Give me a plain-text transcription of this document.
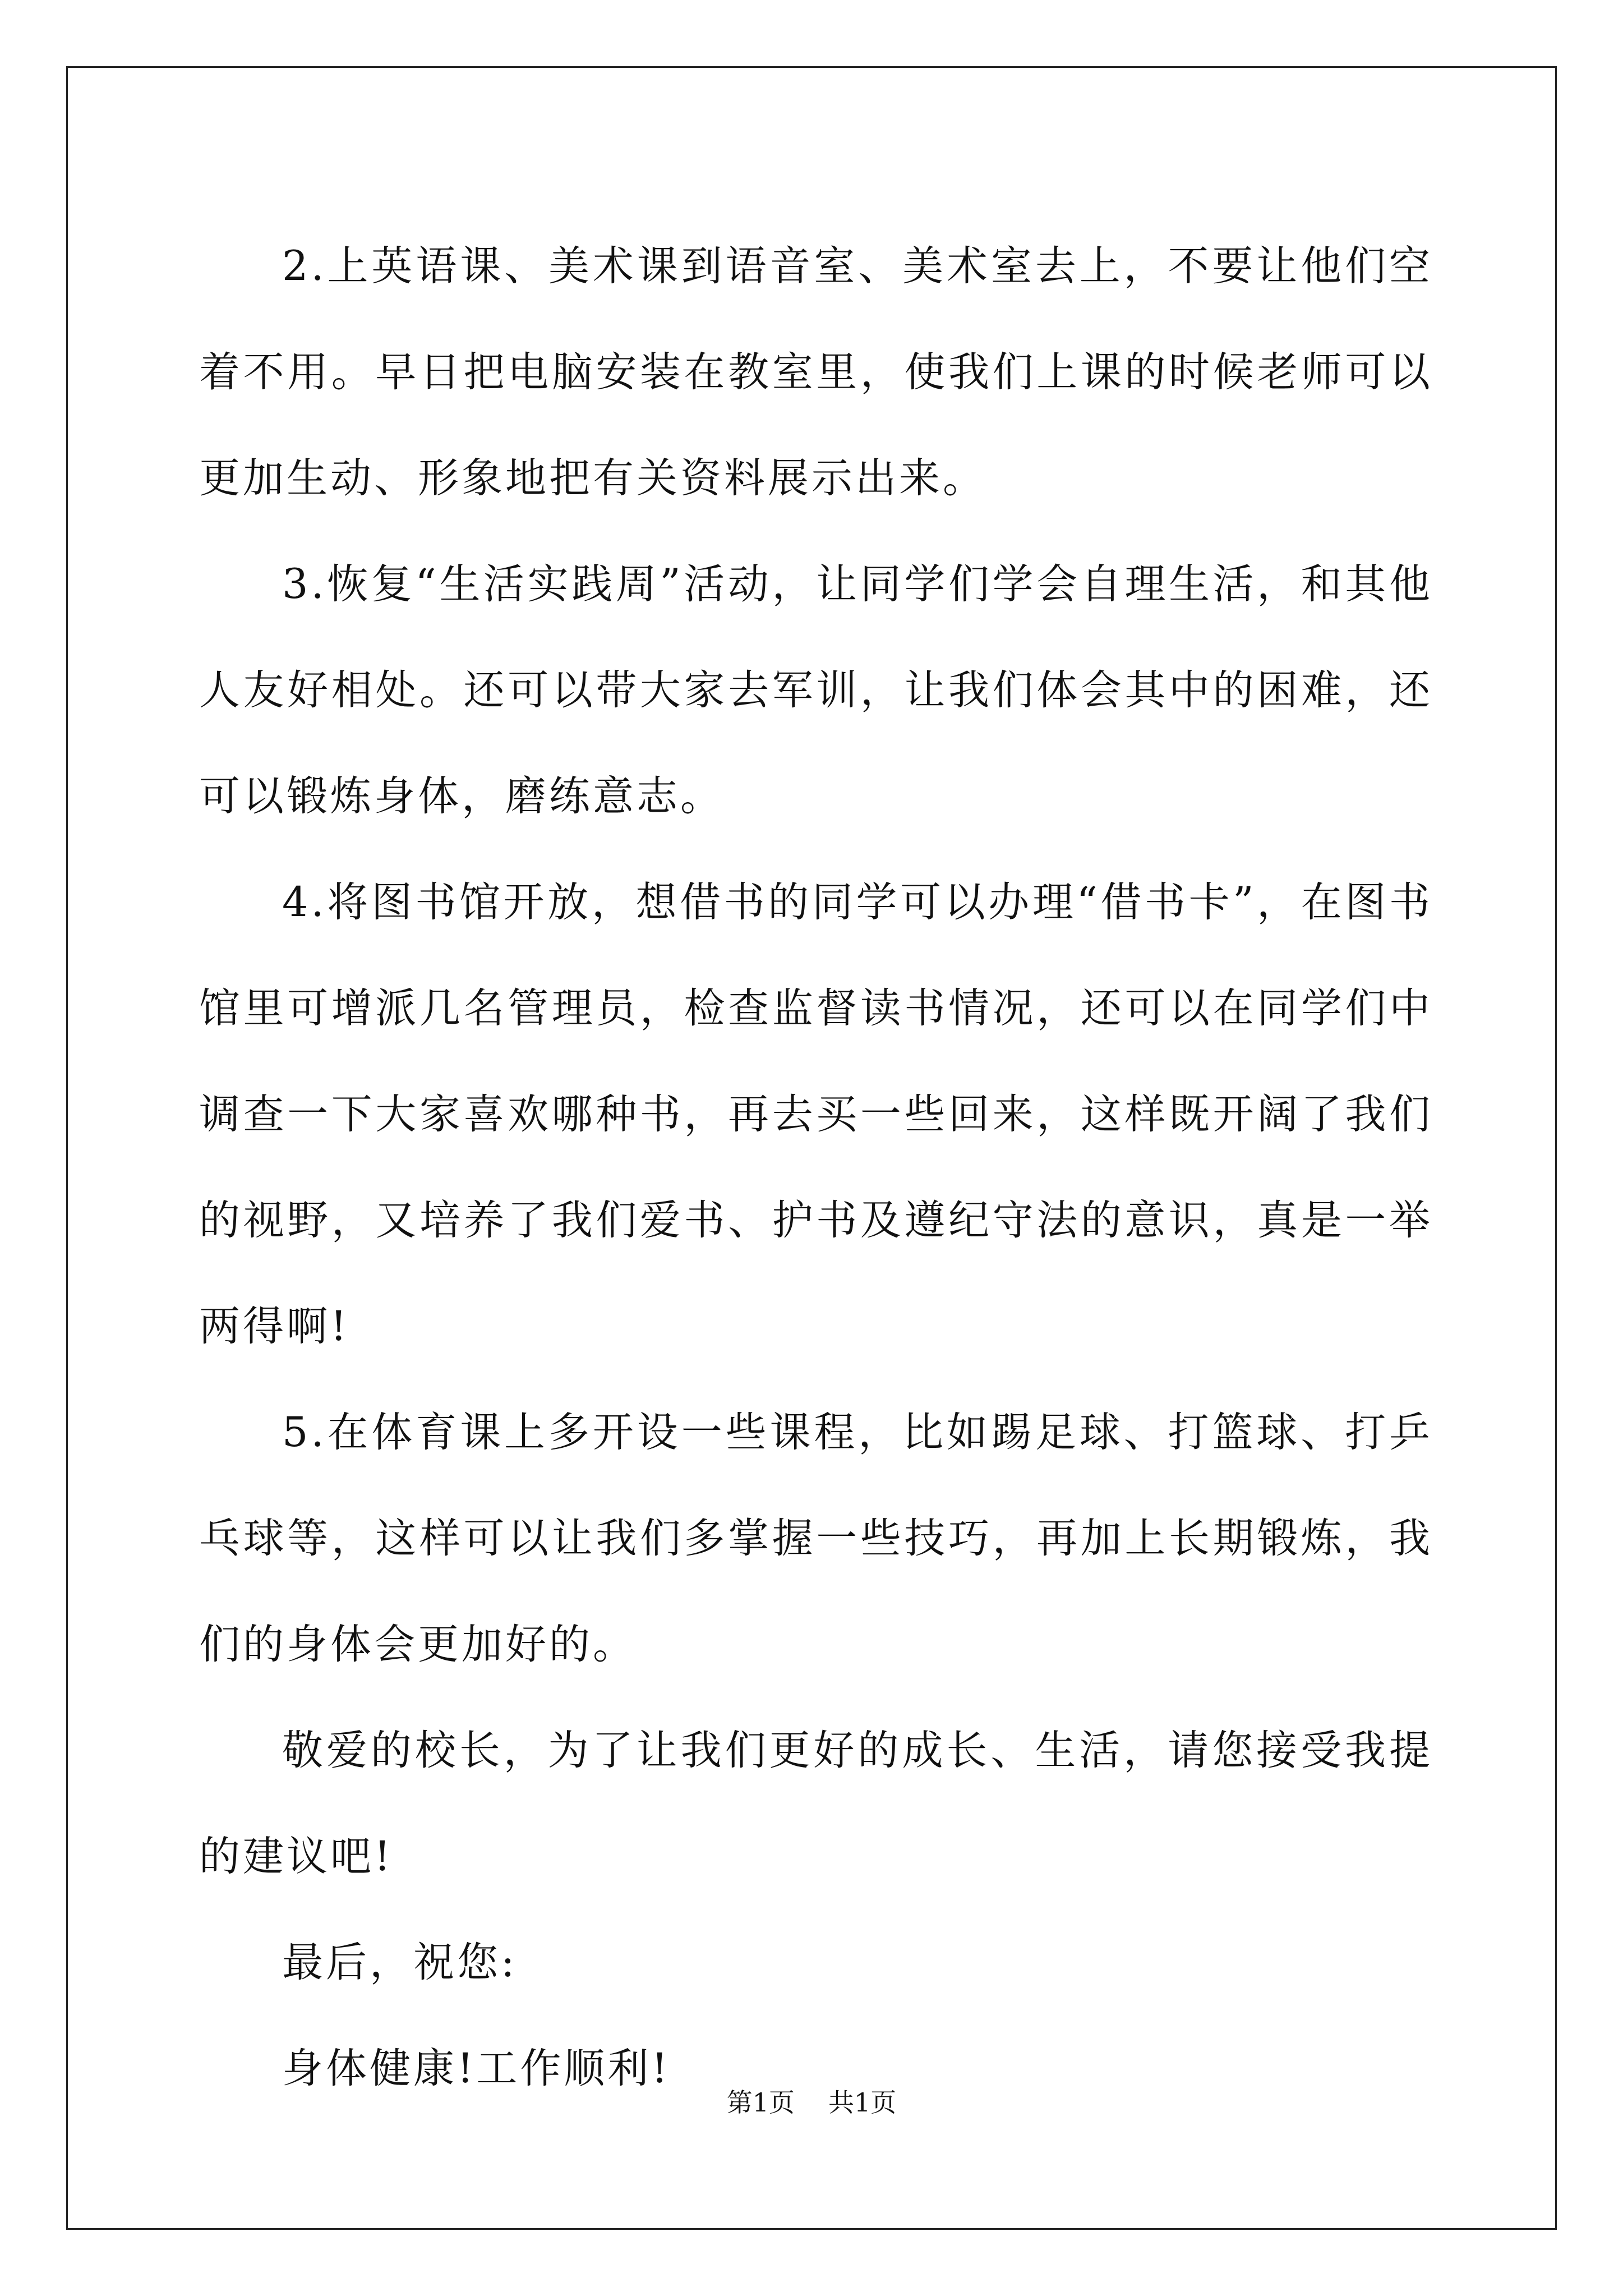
2.上英语课、美术课到语音室、美术室去上，不要让他们空着不用。早日把电脑安装在教室里，使我们上课的时候老师可以更加生动、形象地把有关资料展示出来。

3.恢复“生活实践周”活动，让同学们学会自理生活，和其他人友好相处。还可以带大家去军训，让我们体会其中的困难，还可以锻炼身体，磨练意志。

4.将图书馆开放，想借书的同学可以办理“借书卡”，在图书馆里可增派几名管理员，检查监督读书情况，还可以在同学们中调查一下大家喜欢哪种书，再去买一些回来，这样既开阔了我们的视野，又培养了我们爱书、护书及遵纪守法的意识，真是一举两得啊!

5.在体育课上多开设一些课程，比如踢足球、打篮球、打乒乓球等，这样可以让我们多掌握一些技巧，再加上长期锻炼，我们的身体会更加好的。

敬爱的校长，为了让我们更好的成长、生活，请您接受我提的建议吧!

最后，祝您:

身体健康!工作顺利!

第1页 共1页
